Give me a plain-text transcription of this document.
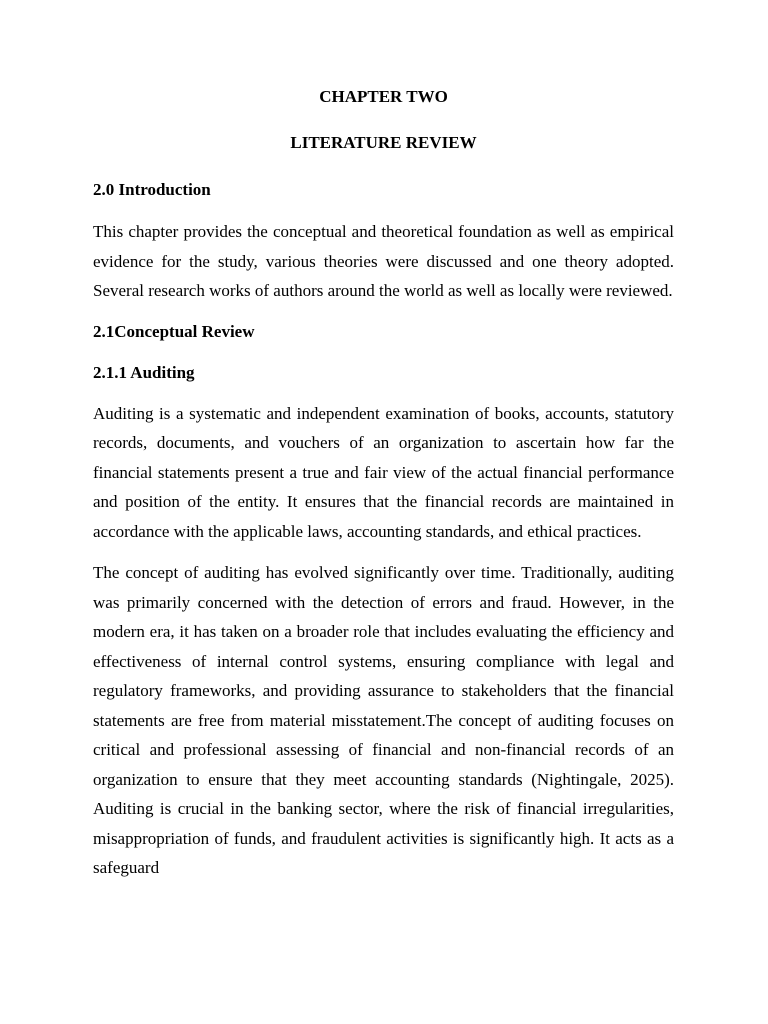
CHAPTER TWO
LITERATURE REVIEW
2.0 Introduction

This chapter provides the conceptual and theoretical foundation as well as empirical evidence for the study, various theories were discussed and one theory adopted. Several research works of authors around the world as well as locally were reviewed.

2.1Conceptual Review
2.1.1 Auditing

Auditing is a systematic and independent examination of books, accounts, statutory records, documents, and vouchers of an organization to ascertain how far the financial statements present a true and fair view of the actual financial performance and position of the entity. It ensures that the financial records are maintained in accordance with the applicable laws, accounting standards, and ethical practices.

The concept of auditing has evolved significantly over time. Traditionally, auditing was primarily concerned with the detection of errors and fraud. However, in the modern era, it has taken on a broader role that includes evaluating the efficiency and effectiveness of internal control systems, ensuring compliance with legal and regulatory frameworks, and providing assurance to stakeholders that the financial statements are free from material misstatement.The concept of auditing focuses on critical and professional assessing of financial and non-financial records of an organization to ensure that they meet accounting standards (Nightingale, 2025). Auditing is crucial in the banking sector, where the risk of financial irregularities, misappropriation of funds, and fraudulent activities is significantly high. It acts as a safeguard
